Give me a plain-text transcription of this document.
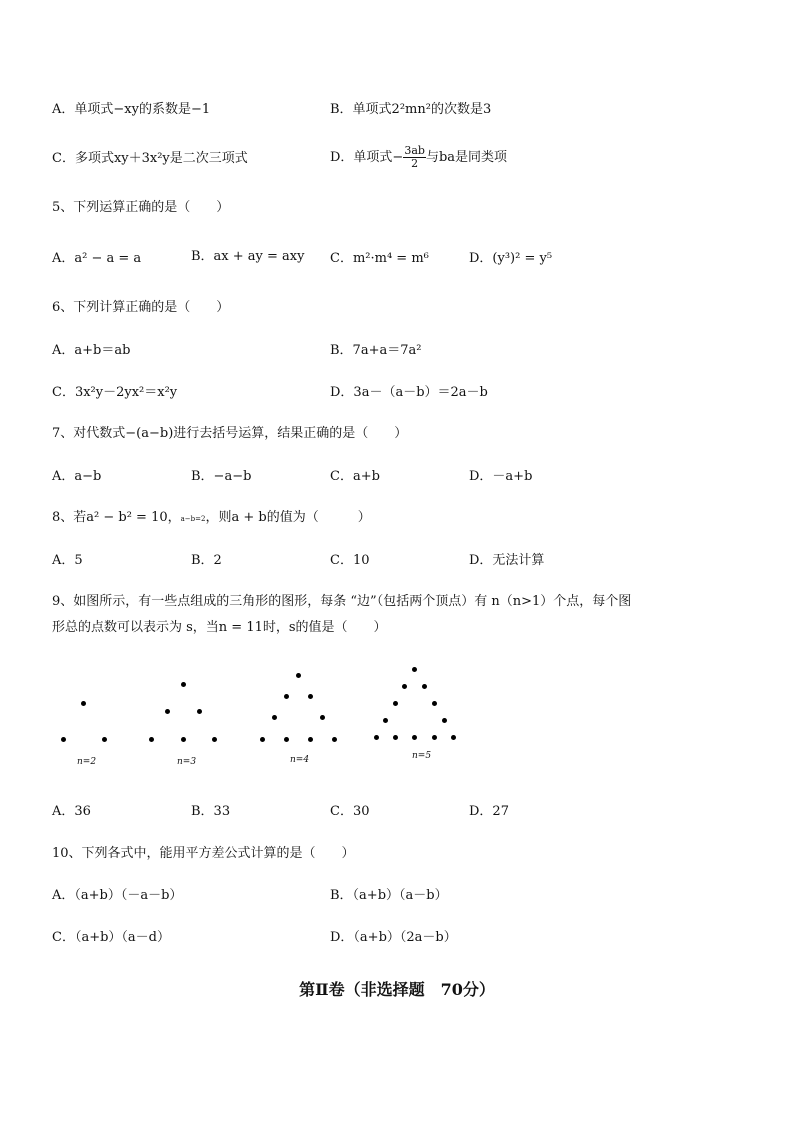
A．单项式−xy的系数是−1	B．单项式2²mn²的次数是3
C．多项式xy＋3x²y是二次三项式	D．单项式− $\frac{3ab}{2}$ 与ba是同类项
5、下列运算正确的是（　　）
A．a² − a = a	B．ax + ay = axy C．m²·m⁴ = m⁶	D．(y³)² = y⁵
6、下列计算正确的是（　　）
A．a+b＝ab	B．7a+a＝7a²
C．3x²y－2yx²＝x²y	D．3a－（a－b）＝2a－b
7、对代数式−(a−b)进行去括号运算，结果正确的是（　　）
A．a−b	B．−a−b	C．a+b	D．－a+b
8、若a² − b² = 10，a−b=2，则a + b的值为（　　　）
A．5	B．2	C．10	D．无法计算
9、如图所示，有一些点组成的三角形的图形，每条 “边”（包括两个顶点）有 n（n>1）个点，每个图
形总的点数可以表示为 s，当n = 11时，s的值是（　　）
n=2	n=3	n=4	n=5
A．36	B．33	C．30	D．27
10、下列各式中，能用平方差公式计算的是（　　）
A．（a+b）（－a－b）	B．（a+b）（a－b）
C．（a+b）（a－d）	D．（a+b）（2a－b）
第Ⅱ卷（非选择题　70分）
